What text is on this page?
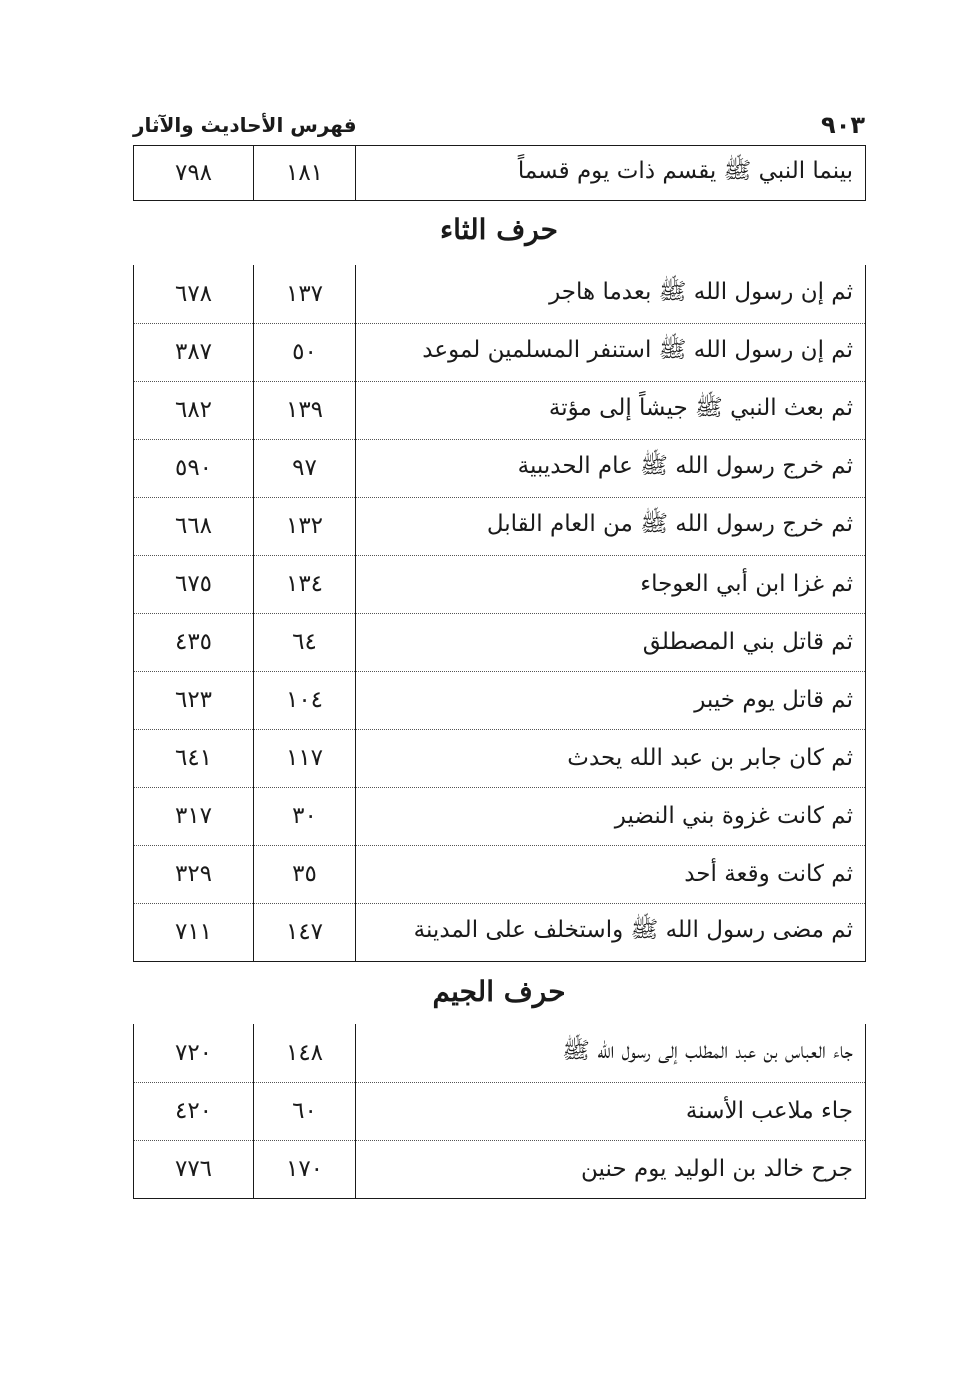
٩٠٣
فهرس الأحاديث والآثار
بينما النبي ﷺ يقسم ذات يوم قسماً	١٨١	٧٩٨
حرف الثاء
ثم إن رسول الله ﷺ بعدما هاجر	١٣٧	٦٧٨
ثم إن رسول الله ﷺ استنفر المسلمين لموعد	٥٠	٣٨٧
ثم بعث النبي ﷺ جيشاً إلى مؤتة	١٣٩	٦٨٢
ثم خرج رسول الله ﷺ عام الحديبية	٩٧	٥٩٠
ثم خرج رسول الله ﷺ من العام القابل	١٣٢	٦٦٨
ثم غزا ابن أبي العوجاء	١٣٤	٦٧٥
ثم قاتل بني المصطلق	٦٤	٤٣٥
ثم قاتل يوم خيبر	١٠٤	٦٢٣
ثم كان جابر بن عبد الله يحدث	١١٧	٦٤١
ثم كانت غزوة بني النضير	٣٠	٣١٧
ثم كانت وقعة أحد	٣٥	٣٢٩
ثم مضى رسول الله ﷺ واستخلف على المدينة	١٤٧	٧١١
حرف الجيم
جاء العباس بن عبد المطلب إلى رسول الله ﷺ	١٤٨	٧٢٠
جاء ملاعب الأسنة	٦٠	٤٢٠
جرح خالد بن الوليد يوم حنين	١٧٠	٧٧٦
